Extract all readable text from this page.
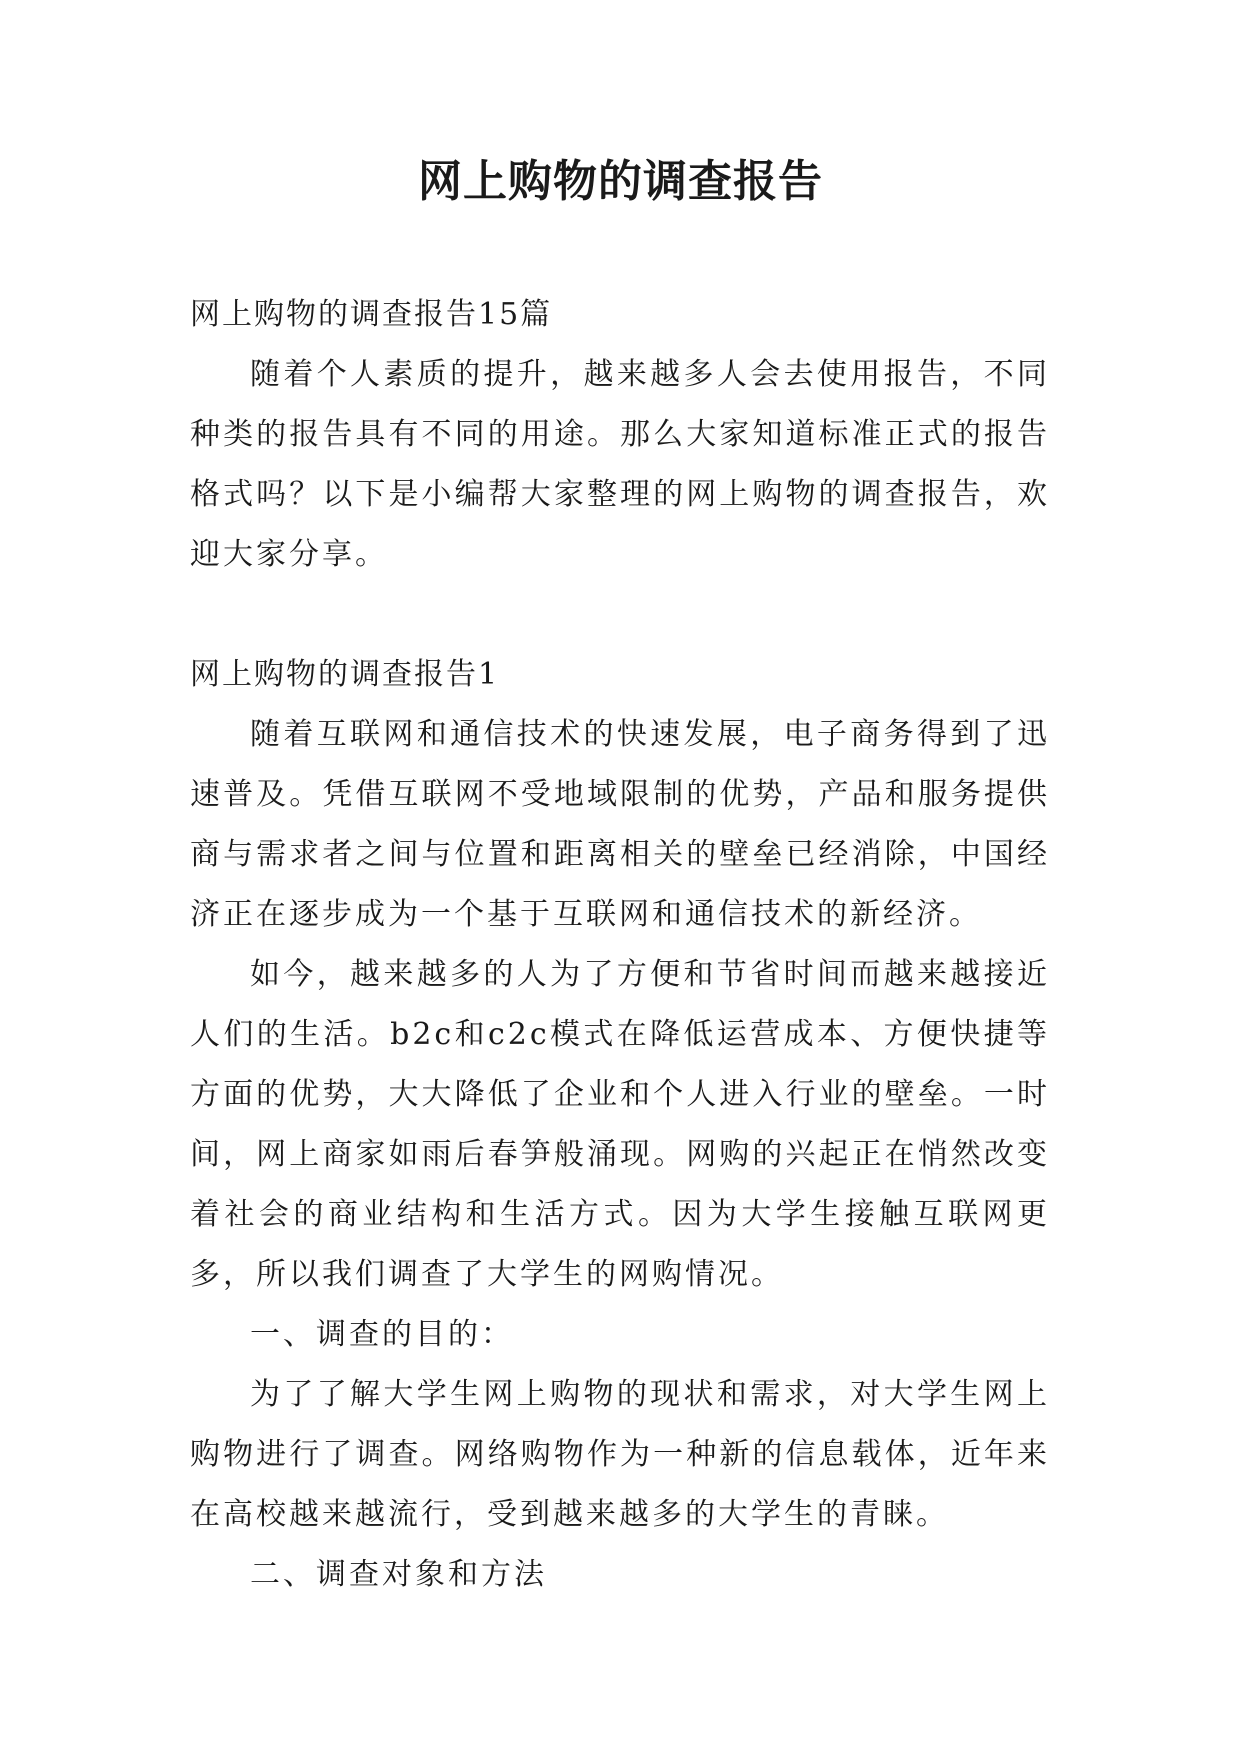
网上购物的调查报告

网上购物的调查报告15篇

随着个人素质的提升，越来越多人会去使用报告，不同种类的报告具有不同的用途。那么大家知道标准正式的报告格式吗？以下是小编帮大家整理的网上购物的调查报告，欢迎大家分享。

网上购物的调查报告1

随着互联网和通信技术的快速发展，电子商务得到了迅速普及。凭借互联网不受地域限制的优势，产品和服务提供商与需求者之间与位置和距离相关的壁垒已经消除，中国经济正在逐步成为一个基于互联网和通信技术的新经济。

如今，越来越多的人为了方便和节省时间而越来越接近人们的生活。b2c和c2c模式在降低运营成本、方便快捷等方面的优势，大大降低了企业和个人进入行业的壁垒。一时间，网上商家如雨后春笋般涌现。网购的兴起正在悄然改变着社会的商业结构和生活方式。因为大学生接触互联网更多，所以我们调查了大学生的网购情况。

一、调查的目的：

为了了解大学生网上购物的现状和需求，对大学生网上购物进行了调查。网络购物作为一种新的信息载体，近年来在高校越来越流行，受到越来越多的大学生的青睐。

二、调查对象和方法
